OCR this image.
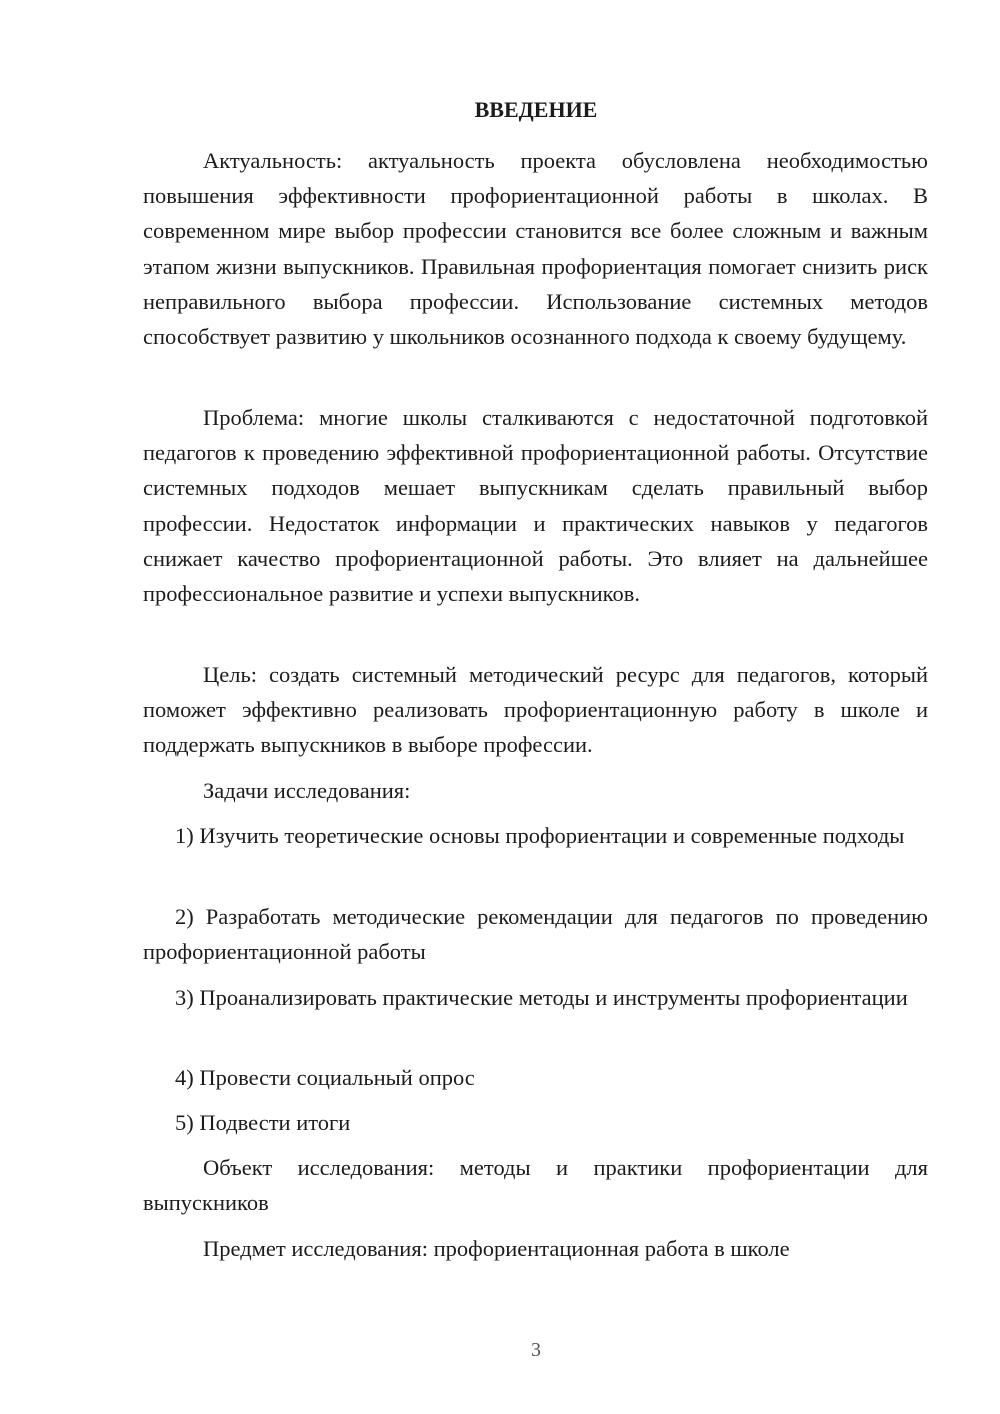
ВВЕДЕНИЕ

Актуальность: актуальность проекта обусловлена необходимостью повышения эффективности профориентационной работы в школах. В современном мире выбор профессии становится все более сложным и важным этапом жизни выпускников. Правильная профориентация помогает снизить риск неправильного выбора профессии. Использование системных методов способствует развитию у школьников осознанного подхода к своему будущему.

Проблема: многие школы сталкиваются с недостаточной подготовкой педагогов к проведению эффективной профориентационной работы. Отсутствие системных подходов мешает выпускникам сделать правильный выбор профессии. Недостаток информации и практических навыков у педагогов снижает качество профориентационной работы. Это влияет на дальнейшее профессиональное развитие и успехи выпускников.

Цель: создать системный методический ресурс для педагогов, который поможет эффективно реализовать профориентационную работу в школе и поддержать выпускников в выборе профессии.

Задачи исследования:

1) Изучить теоретические основы профориентации и современные подходы

2) Разработать методические рекомендации для педагогов по проведению профориентационной работы

3) Проанализировать практические методы и инструменты профориентации

4) Провести социальный опрос

5) Подвести итоги

Объект исследования: методы и практики профориентации для выпускников

Предмет исследования: профориентационная работа в школе

3
